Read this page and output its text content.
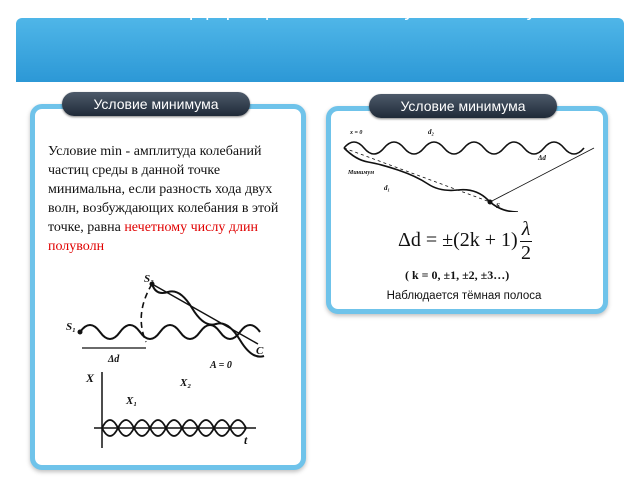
Условия интерференционных максимумов и минимумов
Условие минимума
Условие min - амплитуда колебаний частиц среды в данной точке минимальна, если разность хода двух волн, возбуждающих колебания в этой точке, равна нечетному числу длин полуволн
S₂
S₁
C
Δd
A = 0
X
X₁
X₂
t
Условие минимума
x = 0	d₂
d₁
Δd
S
Минимум
$\Delta d = \pm(2k + 1) \frac{\lambda}{2}$
( k = 0, ±1, ±2, ±3…)
Наблюдается тёмная полоса
